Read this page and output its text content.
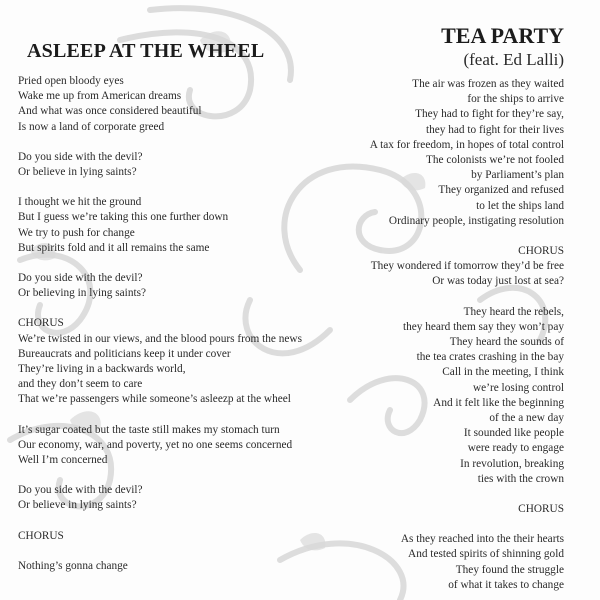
ASLEEP AT THE WHEEL
Pried open bloody eyes
Wake me up from American dreams
And what was once considered beautiful
Is now a land of corporate greed
Do you side with the devil?
Or believe in lying saints?
I thought we hit the ground
But I guess we’re taking this one further down
We try to push for change
But spirits fold and it all remains the same
Do you side with the devil?
Or believing in lying saints?
CHORUS
We’re twisted in our views, and the blood pours from the news
Bureaucrats and politicians keep it under cover
They’re living in a backwards world,
and they don’t seem to care
That we’re passengers while someone’s asleezp at the wheel
It’s sugar coated but the taste still makes my stomach turn
Our economy, war, and poverty, yet no one seems concerned
Well I’m concerned
Do you side with the devil?
Or believe in lying saints?
CHORUS
Nothing’s gonna change
TEA PARTY
(feat. Ed Lalli)
The air was frozen as they waited
for the ships to arrive
They had to fight for they’re say,
they had to fight for their lives
A tax for freedom, in hopes of total control
The colonists we’re not fooled
by Parliament’s plan
They organized and refused
to let the ships land
Ordinary people, instigating resolution
CHORUS
They wondered if tomorrow they’d be free
Or was today just lost at sea?
They heard the rebels,
they heard them say they won’t pay
They heard the sounds of
the tea crates crashing in the bay
Call in the meeting, I think
we’re losing control
And it felt like the beginning
of the a new day
It sounded like people
were ready to engage
In revolution, breaking
ties with the crown
CHORUS
As they reached into the their hearts
And tested spirits of shinning gold
They found the struggle
of what it takes to change
